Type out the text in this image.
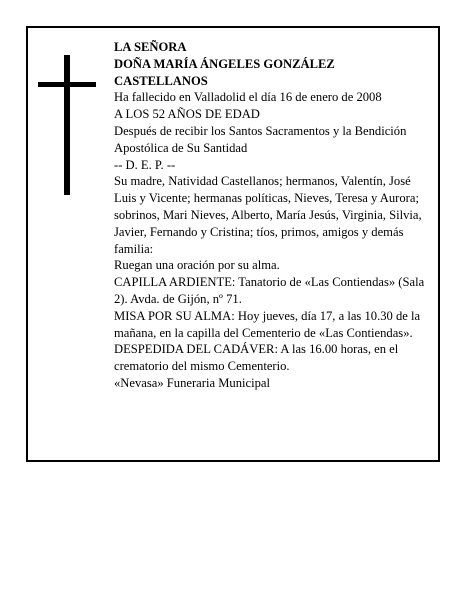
LA SEÑORA
DOÑA MARÍA ÁNGELES GONZÁLEZ CASTELLANOS
Ha fallecido en Valladolid el día 16 de enero de 2008
A LOS 52 AÑOS DE EDAD
Después de recibir los Santos Sacramentos y la Bendición Apostólica de Su Santidad
-- D. E. P. --
Su madre, Natividad Castellanos; hermanos, Valentín, José Luis y Vicente; hermanas políticas, Nieves, Teresa y Aurora; sobrinos, Mari Nieves, Alberto, María Jesús, Virginia, Silvia, Javier, Fernando y Cristina; tíos, primos, amigos y demás familia:
Ruegan una oración por su alma.
CAPILLA ARDIENTE: Tanatorio de «Las Contiendas» (Sala 2). Avda. de Gijón, nº 71.
MISA POR SU ALMA: Hoy jueves, día 17, a las 10.30 de la mañana, en la capilla del Cementerio de «Las Contiendas».
DESPEDIDA DEL CADÁVER: A las 16.00 horas, en el crematorio del mismo Cementerio.
«Nevasa» Funeraria Municipal
